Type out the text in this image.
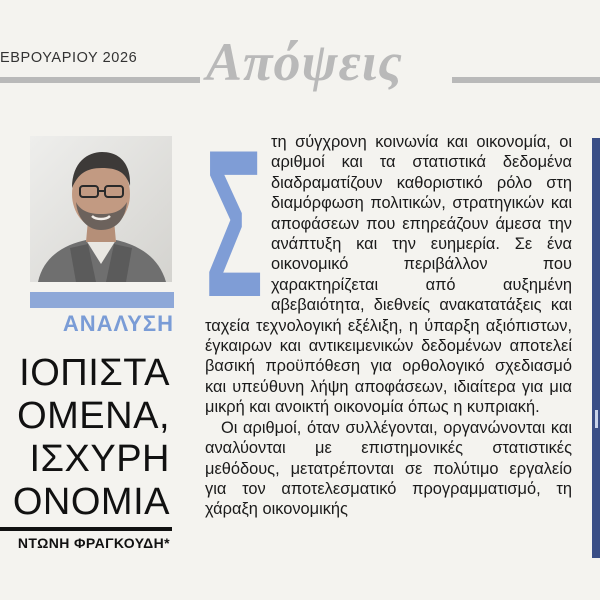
ΕΒΡΟΥΑΡΙΟΥ 2026 Απόψεις
ΑΝΑΛΥΣΗ
ΙΟΠΙΣΤΑ
ΟΜΕΝΑ,
ΙΣΧΥΡΗ
ΟΝΟΜΙΑ
ΝΤΩΝΗ ΦΡΑΓΚΟΥΔΗ*
Σ τη σύγχρονη κοινωνία και οικονομία, οι αριθμοί και τα στατιστικά δεδομένα διαδραματίζουν καθοριστικό ρόλο στη διαμόρφωση πολιτικών, στρατηγικών και αποφάσεων που επηρεάζουν άμεσα την ανάπτυξη και την ευημερία. Σε ένα οικονομικό περιβάλλον που χαρακτηρίζεται από αυξημένη αβεβαιότητα, διεθνείς ανακατατάξεις και ταχεία τεχνολογική εξέλιξη, η ύπαρξη αξιόπιστων, έγκαιρων και αντικειμενικών δεδομένων αποτελεί βασική προϋπόθεση για ορθολογικό σχεδιασμό και υπεύθυνη λήψη αποφάσεων, ιδιαίτερα για μια μικρή και ανοικτή οικονομία όπως η κυπριακή.

Οι αριθμοί, όταν συλλέγονται, οργανώνονται και αναλύονται με επιστημονικές στατιστικές μεθόδους, μετατρέπονται σε πολύτιμο εργαλείο για τον αποτελεσματικό προγραμματισμό, τη χάραξη οικονομικής
